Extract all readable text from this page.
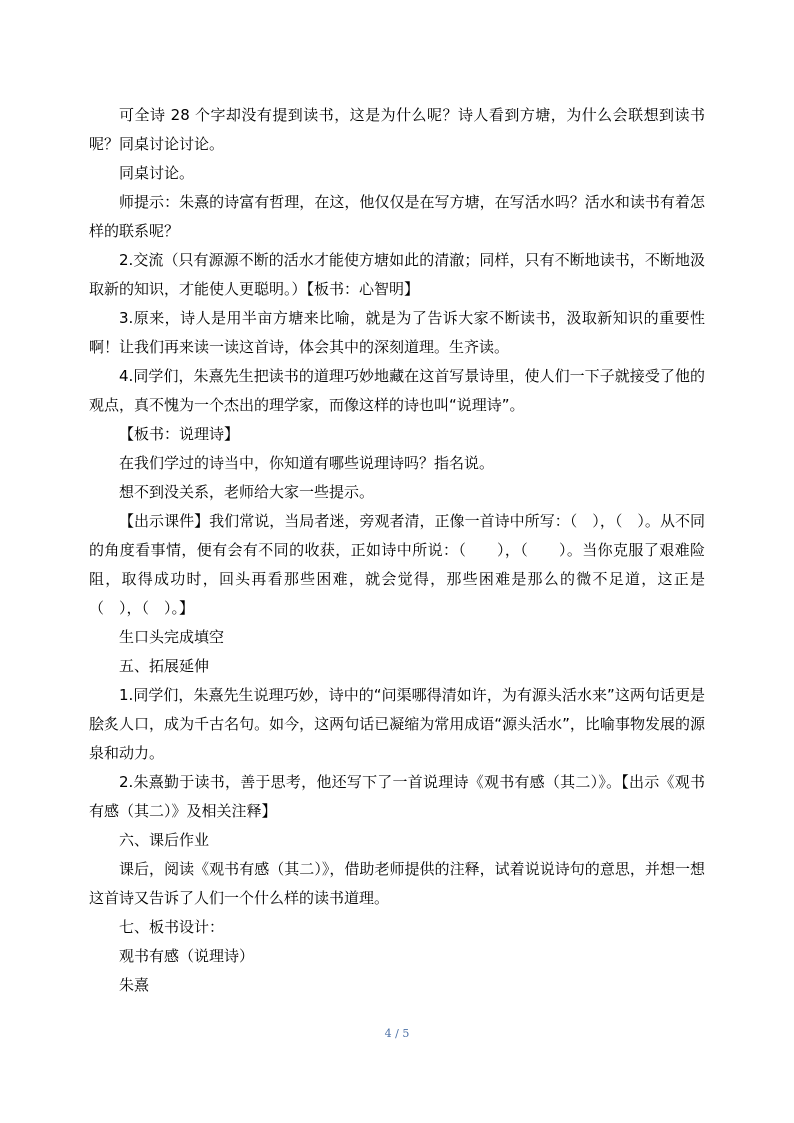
可全诗 28 个字却没有提到读书，这是为什么呢？诗人看到方塘，为什么会联想到读书呢？同桌讨论讨论。

同桌讨论。

师提示：朱熹的诗富有哲理，在这，他仅仅是在写方塘，在写活水吗？活水和读书有着怎样的联系呢？

2.交流（只有源源不断的活水才能使方塘如此的清澈；同样，只有不断地读书，不断地汲取新的知识，才能使人更聪明。）【板书：心智明】

3.原来，诗人是用半亩方塘来比喻，就是为了告诉大家不断读书，汲取新知识的重要性啊！让我们再来读一读这首诗，体会其中的深刻道理。生齐读。

4.同学们，朱熹先生把读书的道理巧妙地藏在这首写景诗里，使人们一下子就接受了他的观点，真不愧为一个杰出的理学家，而像这样的诗也叫“说理诗”。

【板书：说理诗】

在我们学过的诗当中，你知道有哪些说理诗吗？指名说。

想不到没关系，老师给大家一些提示。

【出示课件】我们常说，当局者迷，旁观者清，正像一首诗中所写：（　），（　）。从不同的角度看事情，便有会有不同的收获，正如诗中所说：（　　），（　　）。当你克服了艰难险阻，取得成功时，回头再看那些困难，就会觉得，那些困难是那么的微不足道，这正是（　），（　）。】

生口头完成填空

五、拓展延伸

1.同学们，朱熹先生说理巧妙，诗中的“问渠哪得清如许，为有源头活水来”这两句话更是脍炙人口，成为千古名句。如今，这两句话已凝缩为常用成语“源头活水”，比喻事物发展的源泉和动力。

2.朱熹勤于读书，善于思考，他还写下了一首说理诗《观书有感（其二）》。【出示《观书有感（其二）》及相关注释】

六、课后作业

课后，阅读《观书有感（其二）》，借助老师提供的注释，试着说说诗句的意思，并想一想这首诗又告诉了人们一个什么样的读书道理。

七、板书设计：

观书有感（说理诗）

朱熹

4 / 5
